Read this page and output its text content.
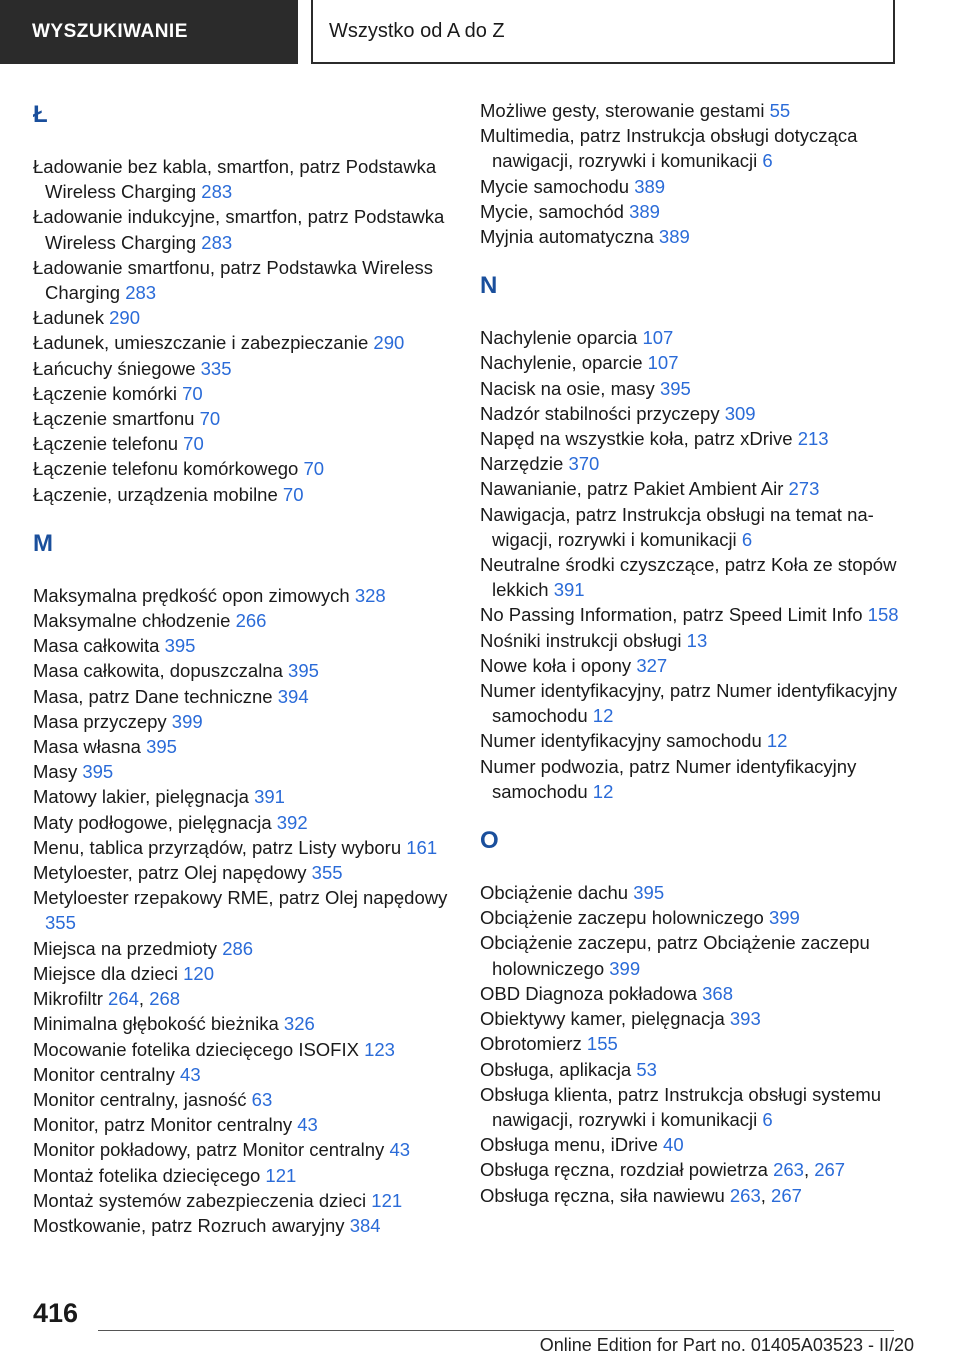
WYSZUKIWANIE	Wszystko od A do Z
Ł
Ładowanie bez kabla, smartfon, patrz Podstawka Wireless Charging 283
Ładowanie indukcyjne, smartfon, patrz Podstawka Wireless Charging 283
Ładowanie smartfonu, patrz Podstawka Wireless Charging 283
Ładunek 290
Ładunek, umieszczanie i zabezpieczanie 290
Łańcuchy śniegowe 335
Łączenie komórki 70
Łączenie smartfonu 70
Łączenie telefonu 70
Łączenie telefonu komórkowego 70
Łączenie, urządzenia mobilne 70
M
Maksymalna prędkość opon zimowych 328
Maksymalne chłodzenie 266
Masa całkowita 395
Masa całkowita, dopuszczalna 395
Masa, patrz Dane techniczne 394
Masa przyczepy 399
Masa własna 395
Masy 395
Matowy lakier, pielęgnacja 391
Maty podłogowe, pielęgnacja 392
Menu, tablica przyrządów, patrz Listy wyboru 161
Metyloester, patrz Olej napędowy 355
Metyloester rzepakowy RME, patrz Olej napędowy 355
Miejsca na przedmioty 286
Miejsce dla dzieci 120
Mikrofiltr 264, 268
Minimalna głębokość bieżnika 326
Mocowanie fotelika dziecięcego ISOFIX 123
Monitor centralny 43
Monitor centralny, jasność 63
Monitor, patrz Monitor centralny 43
Monitor pokładowy, patrz Monitor centralny 43
Montaż fotelika dziecięcego 121
Montaż systemów zabezpieczenia dzieci 121
Mostkowanie, patrz Rozruch awaryjny 384
Możliwe gesty, sterowanie gestami 55
Multimedia, patrz Instrukcja obsługi dotycząca nawigacji, rozrywki i komunikacji 6
Mycie samochodu 389
Mycie, samochód 389
Myjnia automatyczna 389
N
Nachylenie oparcia 107
Nachylenie, oparcie 107
Nacisk na osie, masy 395
Nadzór stabilności przyczepy 309
Napęd na wszystkie koła, patrz xDrive 213
Narzędzie 370
Nawanianie, patrz Pakiet Ambient Air 273
Nawigacja, patrz Instrukcja obsługi na temat nawigacji, rozrywki i komunikacji 6
Neutralne środki czyszczące, patrz Koła ze stopów lekkich 391
No Passing Information, patrz Speed Limit Info 158
Nośniki instrukcji obsługi 13
Nowe koła i opony 327
Numer identyfikacyjny, patrz Numer identyfikacyjny samochodu 12
Numer identyfikacyjny samochodu 12
Numer podwozia, patrz Numer identyfikacyjny samochodu 12
O
Obciążenie dachu 395
Obciążenie zaczepu holowniczego 399
Obciążenie zaczepu, patrz Obciążenie zaczepu holowniczego 399
OBD Diagnoza pokładowa 368
Obiektywy kamer, pielęgnacja 393
Obrotomierz 155
Obsługa, aplikacja 53
Obsługa klienta, patrz Instrukcja obsługi systemu nawigacji, rozrywki i komunikacji 6
Obsługa menu, iDrive 40
Obsługa ręczna, rozdział powietrza 263, 267
Obsługa ręczna, siła nawiewu 263, 267
416
Online Edition for Part no. 01405A03523 - II/20
